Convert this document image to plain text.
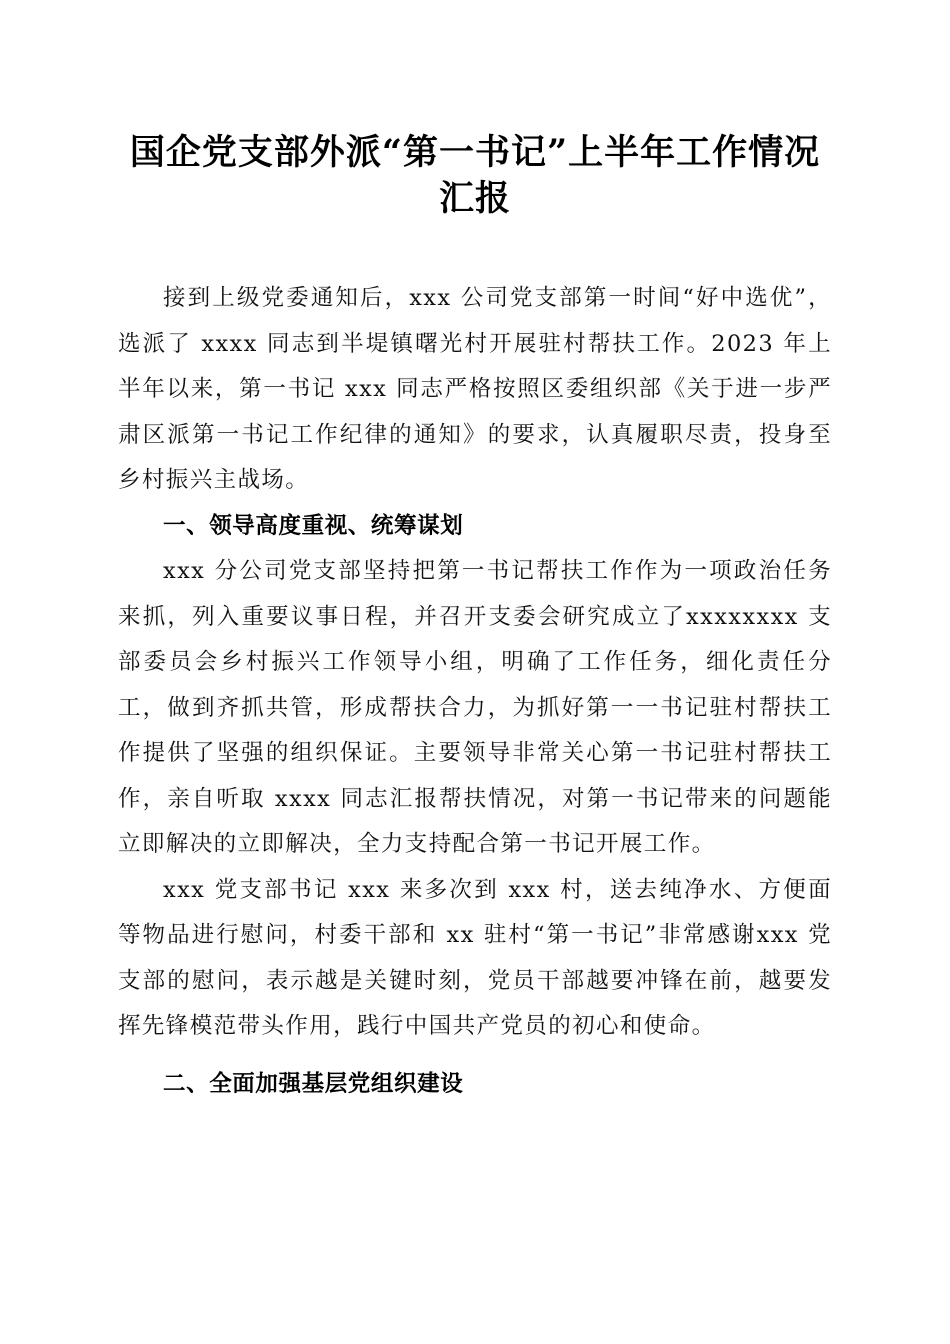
国企党支部外派“第一书记”上半年工作情况
汇报

接到上级党委通知后，xxx 公司党支部第一时间“好中选优”，选派了 xxxx 同志到半堤镇曙光村开展驻村帮扶工作。2023 年上半年以来，第一书记 xxx 同志严格按照区委组织部《关于进一步严肃区派第一书记工作纪律的通知》的要求，认真履职尽责，投身至乡村振兴主战场。

一、领导高度重视、统筹谋划

xxx 分公司党支部坚持把第一书记帮扶工作作为一项政治任务来抓，列入重要议事日程，并召开支委会研究成立了xxxxxxxx 支部委员会乡村振兴工作领导小组，明确了工作任务，细化责任分工，做到齐抓共管，形成帮扶合力，为抓好第一一书记驻村帮扶工作提供了坚强的组织保证。主要领导非常关心第一书记驻村帮扶工作，亲自听取 xxxx 同志汇报帮扶情况，对第一书记带来的问题能立即解决的立即解决，全力支持配合第一书记开展工作。

xxx 党支部书记 xxx 来多次到 xxx 村，送去纯净水、方便面等物品进行慰问，村委干部和 xx 驻村“第一书记”非常感谢xxx 党支部的慰问，表示越是关键时刻，党员干部越要冲锋在前，越要发挥先锋模范带头作用，践行中国共产党员的初心和使命。

二、全面加强基层党组织建设
